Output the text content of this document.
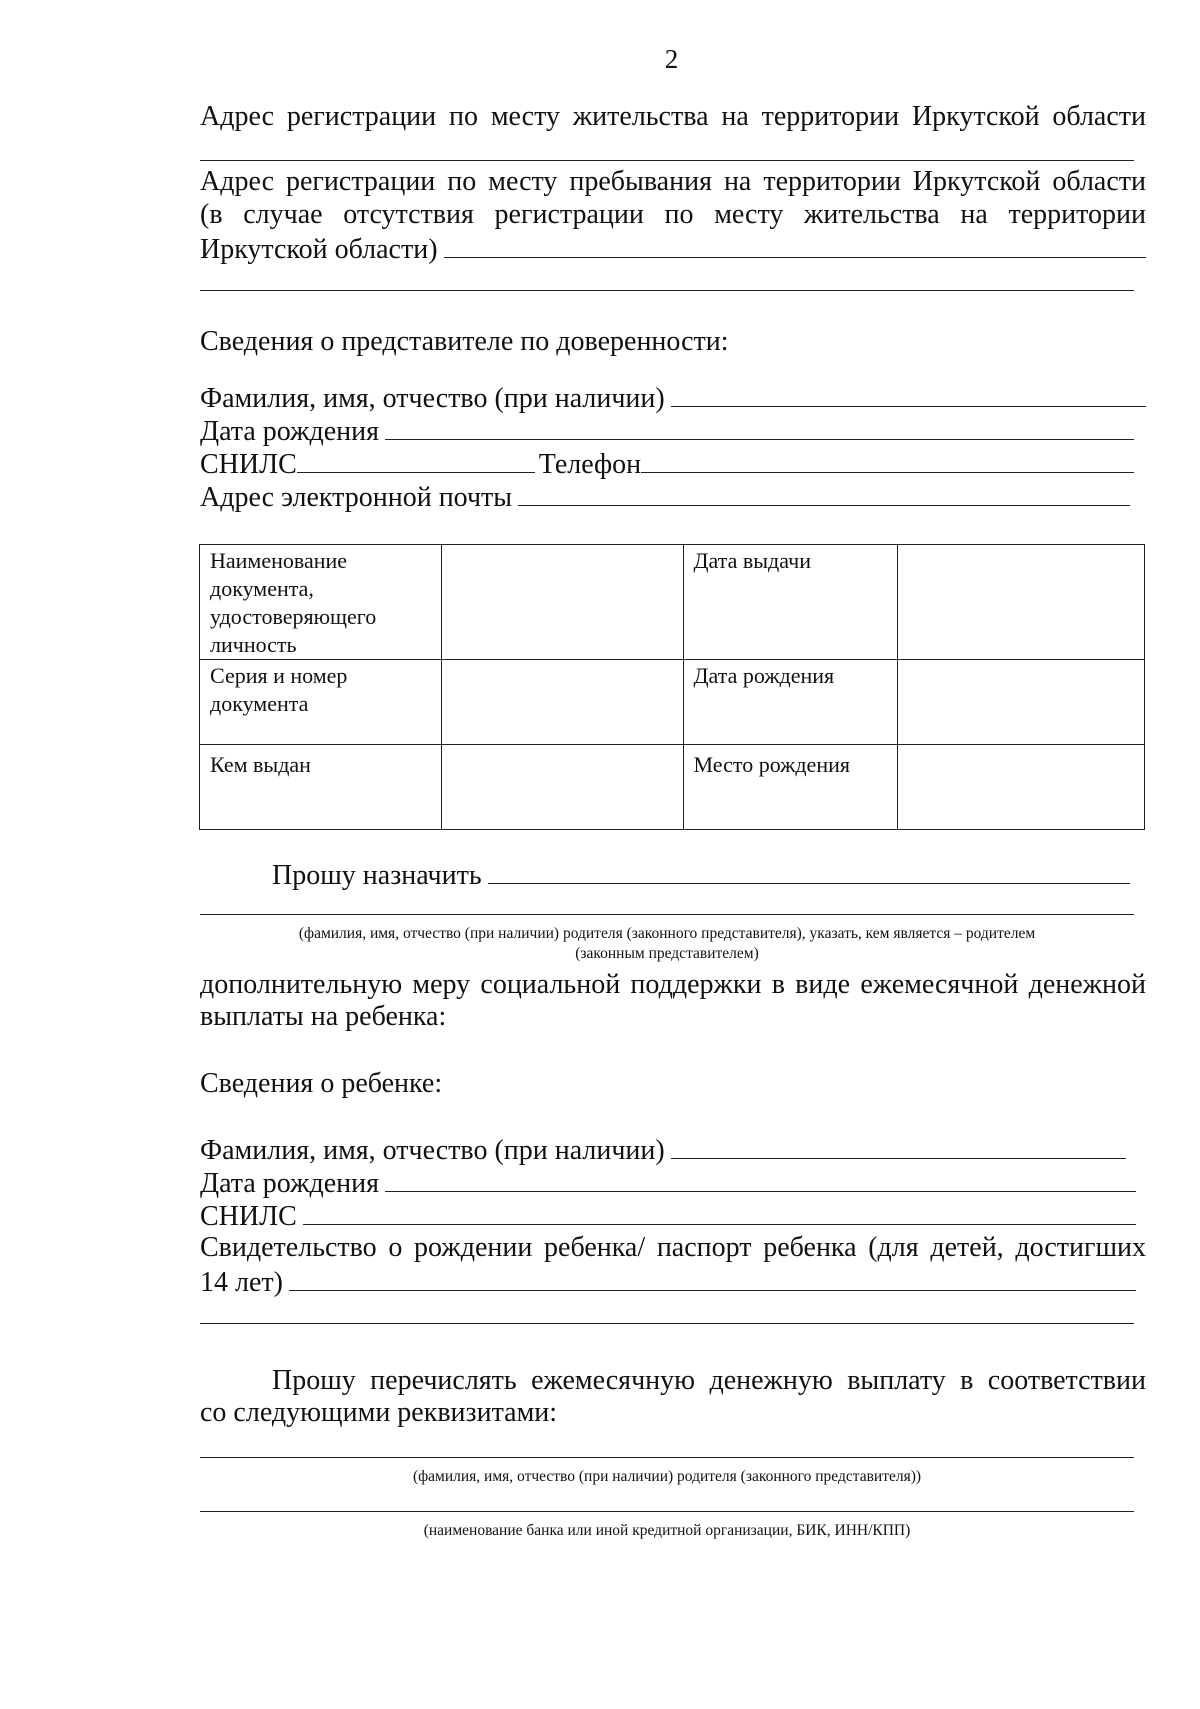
2
Адрес регистрации по месту жительства на территории Иркутской области
Адрес регистрации по месту пребывания на территории Иркутской области
(в случае отсутствия регистрации по месту жительства на территории
Иркутской области)
Сведения о представителе по доверенности:
Фамилия, имя, отчество (при наличии)
Дата рождения
СНИЛС	Телефон
Адрес электронной почты
Наименование документа, удостоверяющего личность		Дата выдачи	
Серия и номер документа		Дата рождения	
Кем выдан		Место рождения	
Прошу назначить
(фамилия, имя, отчество (при наличии) родителя (законного представителя), указать, кем является – родителем
(законным представителем)
дополнительную меру социальной поддержки в виде ежемесячной денежной
выплаты на ребенка:
Сведения о ребенке:
Фамилия, имя, отчество (при наличии)
Дата рождения
СНИЛС
Свидетельство о рождении ребенка/ паспорт ребенка (для детей, достигших
14 лет)
Прошу перечислять ежемесячную денежную выплату в соответствии
со следующими реквизитами:
(фамилия, имя, отчество (при наличии) родителя (законного представителя))
(наименование банка или иной кредитной организации, БИК, ИНН/КПП)
